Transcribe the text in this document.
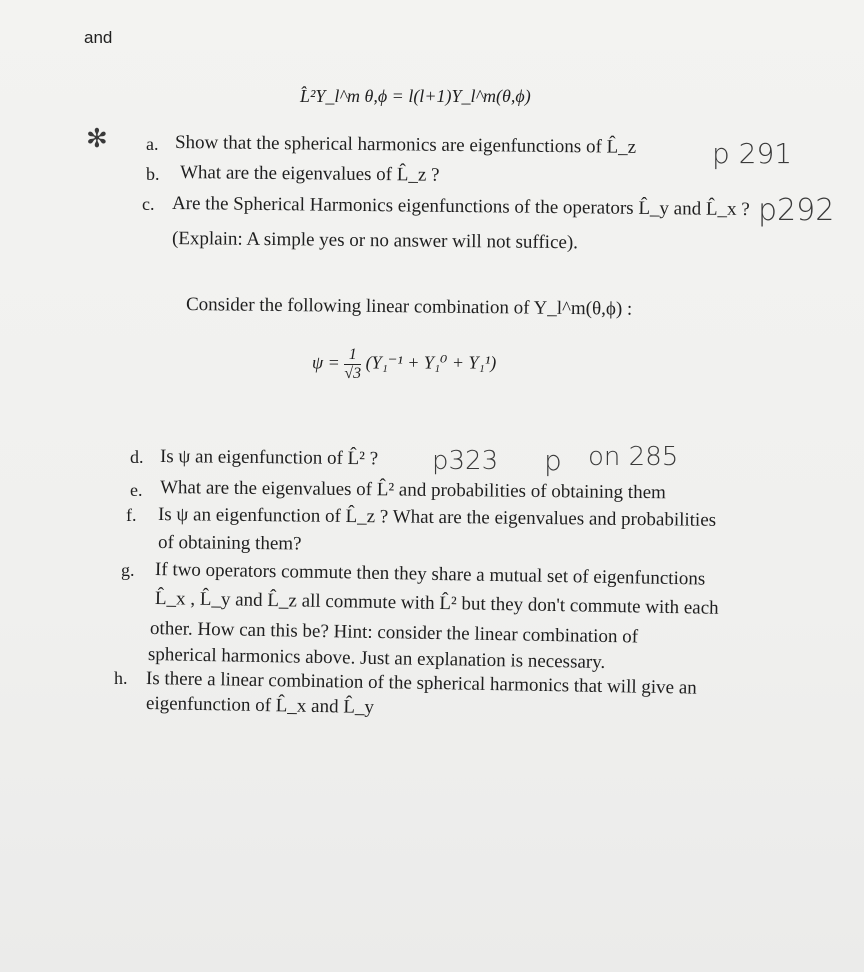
and
L̂²Y_l^m θ,ϕ = l(l+1)Y_l^m(θ,ϕ)
✻ a. Show that the spherical harmonics are eigenfunctions of L̂_z	p 291
b. What are the eigenvalues of L̂_z ?
c. Are the Spherical Harmonics eigenfunctions of the operators L̂_y and L̂_x ?
(Explain: A simple yes or no answer will not suffice).
p292
Consider the following linear combination of Y_l^m(θ,ϕ) :
$\psi = \frac{1}{√3} (Y_1^{-1} + Y_1^0 + Y_1^1)$
d. Is ψ an eigenfunction of L̂² ? p323 p on 285
e. What are the eigenvalues of L̂² and probabilities of obtaining them
f. Is ψ an eigenfunction of L̂_z ? What are the eigenvalues and probabilities
of obtaining them?
g. If two operators commute then they share a mutual set of eigenfunctions
L̂_x , L̂_y and L̂_z all commute with L̂² but they don't commute with each
other. How can this be? Hint: consider the linear combination of
spherical harmonics above. Just an explanation is necessary.
h. Is there a linear combination of the spherical harmonics that will give an
eigenfunction of L̂_x and L̂_y
